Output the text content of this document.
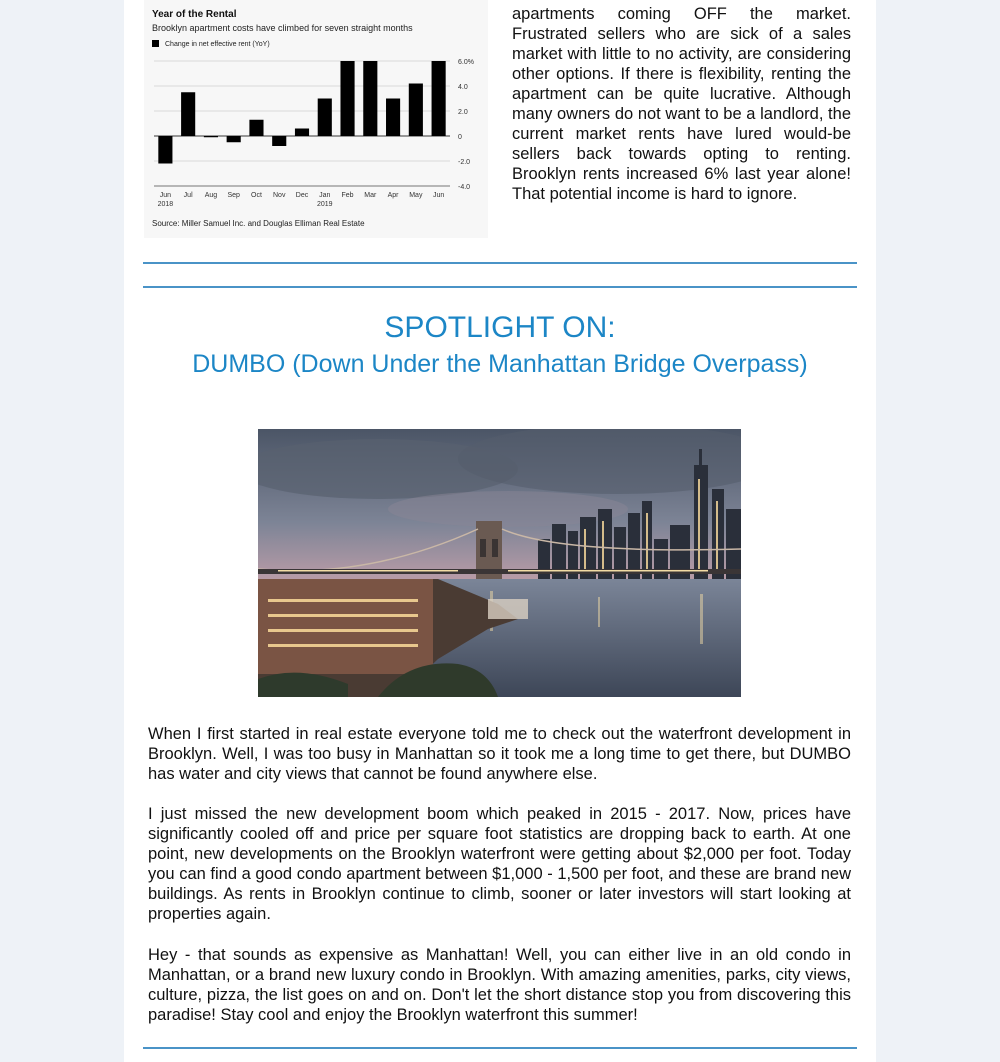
Year of the Rental
Brooklyn apartment costs have climbed for seven straight months
Change in net effective rent (YoY)
6.0%
4.0
2.0
0
-2.0
-4.0
Jun Jul Aug Sep Oct Nov Dec Jan Feb Mar Apr May Jun
2018	2019
Source: Miller Samuel Inc. and Douglas Elliman Real Estate
apartments coming OFF the market. Frustrated sellers who are sick of a sales market with little to no activity, are considering other options. If there is flexibility, renting the apartment can be quite lucrative. Although many owners do not want to be a landlord, the current market rents have lured would-be sellers back towards opting to renting. Brooklyn rents increased 6% last year alone! That potential income is hard to ignore.
SPOTLIGHT ON:
DUMBO (Down Under the Manhattan Bridge Overpass)
When I first started in real estate everyone told me to check out the waterfront development in Brooklyn. Well, I was too busy in Manhattan so it took me a long time to get there, but DUMBO has water and city views that cannot be found anywhere else.
I just missed the new development boom which peaked in 2015 - 2017. Now, prices have significantly cooled off and price per square foot statistics are dropping back to earth. At one point, new developments on the Brooklyn waterfront were getting about $2,000 per foot. Today you can find a good condo apartment between $1,000 - 1,500 per foot, and these are brand new buildings. As rents in Brooklyn continue to climb, sooner or later investors will start looking at properties again.
Hey - that sounds as expensive as Manhattan! Well, you can either live in an old condo in Manhattan, or a brand new luxury condo in Brooklyn. With amazing amenities, parks, city views, culture, pizza, the list goes on and on. Don't let the short distance stop you from discovering this paradise! Stay cool and enjoy the Brooklyn waterfront this summer!
